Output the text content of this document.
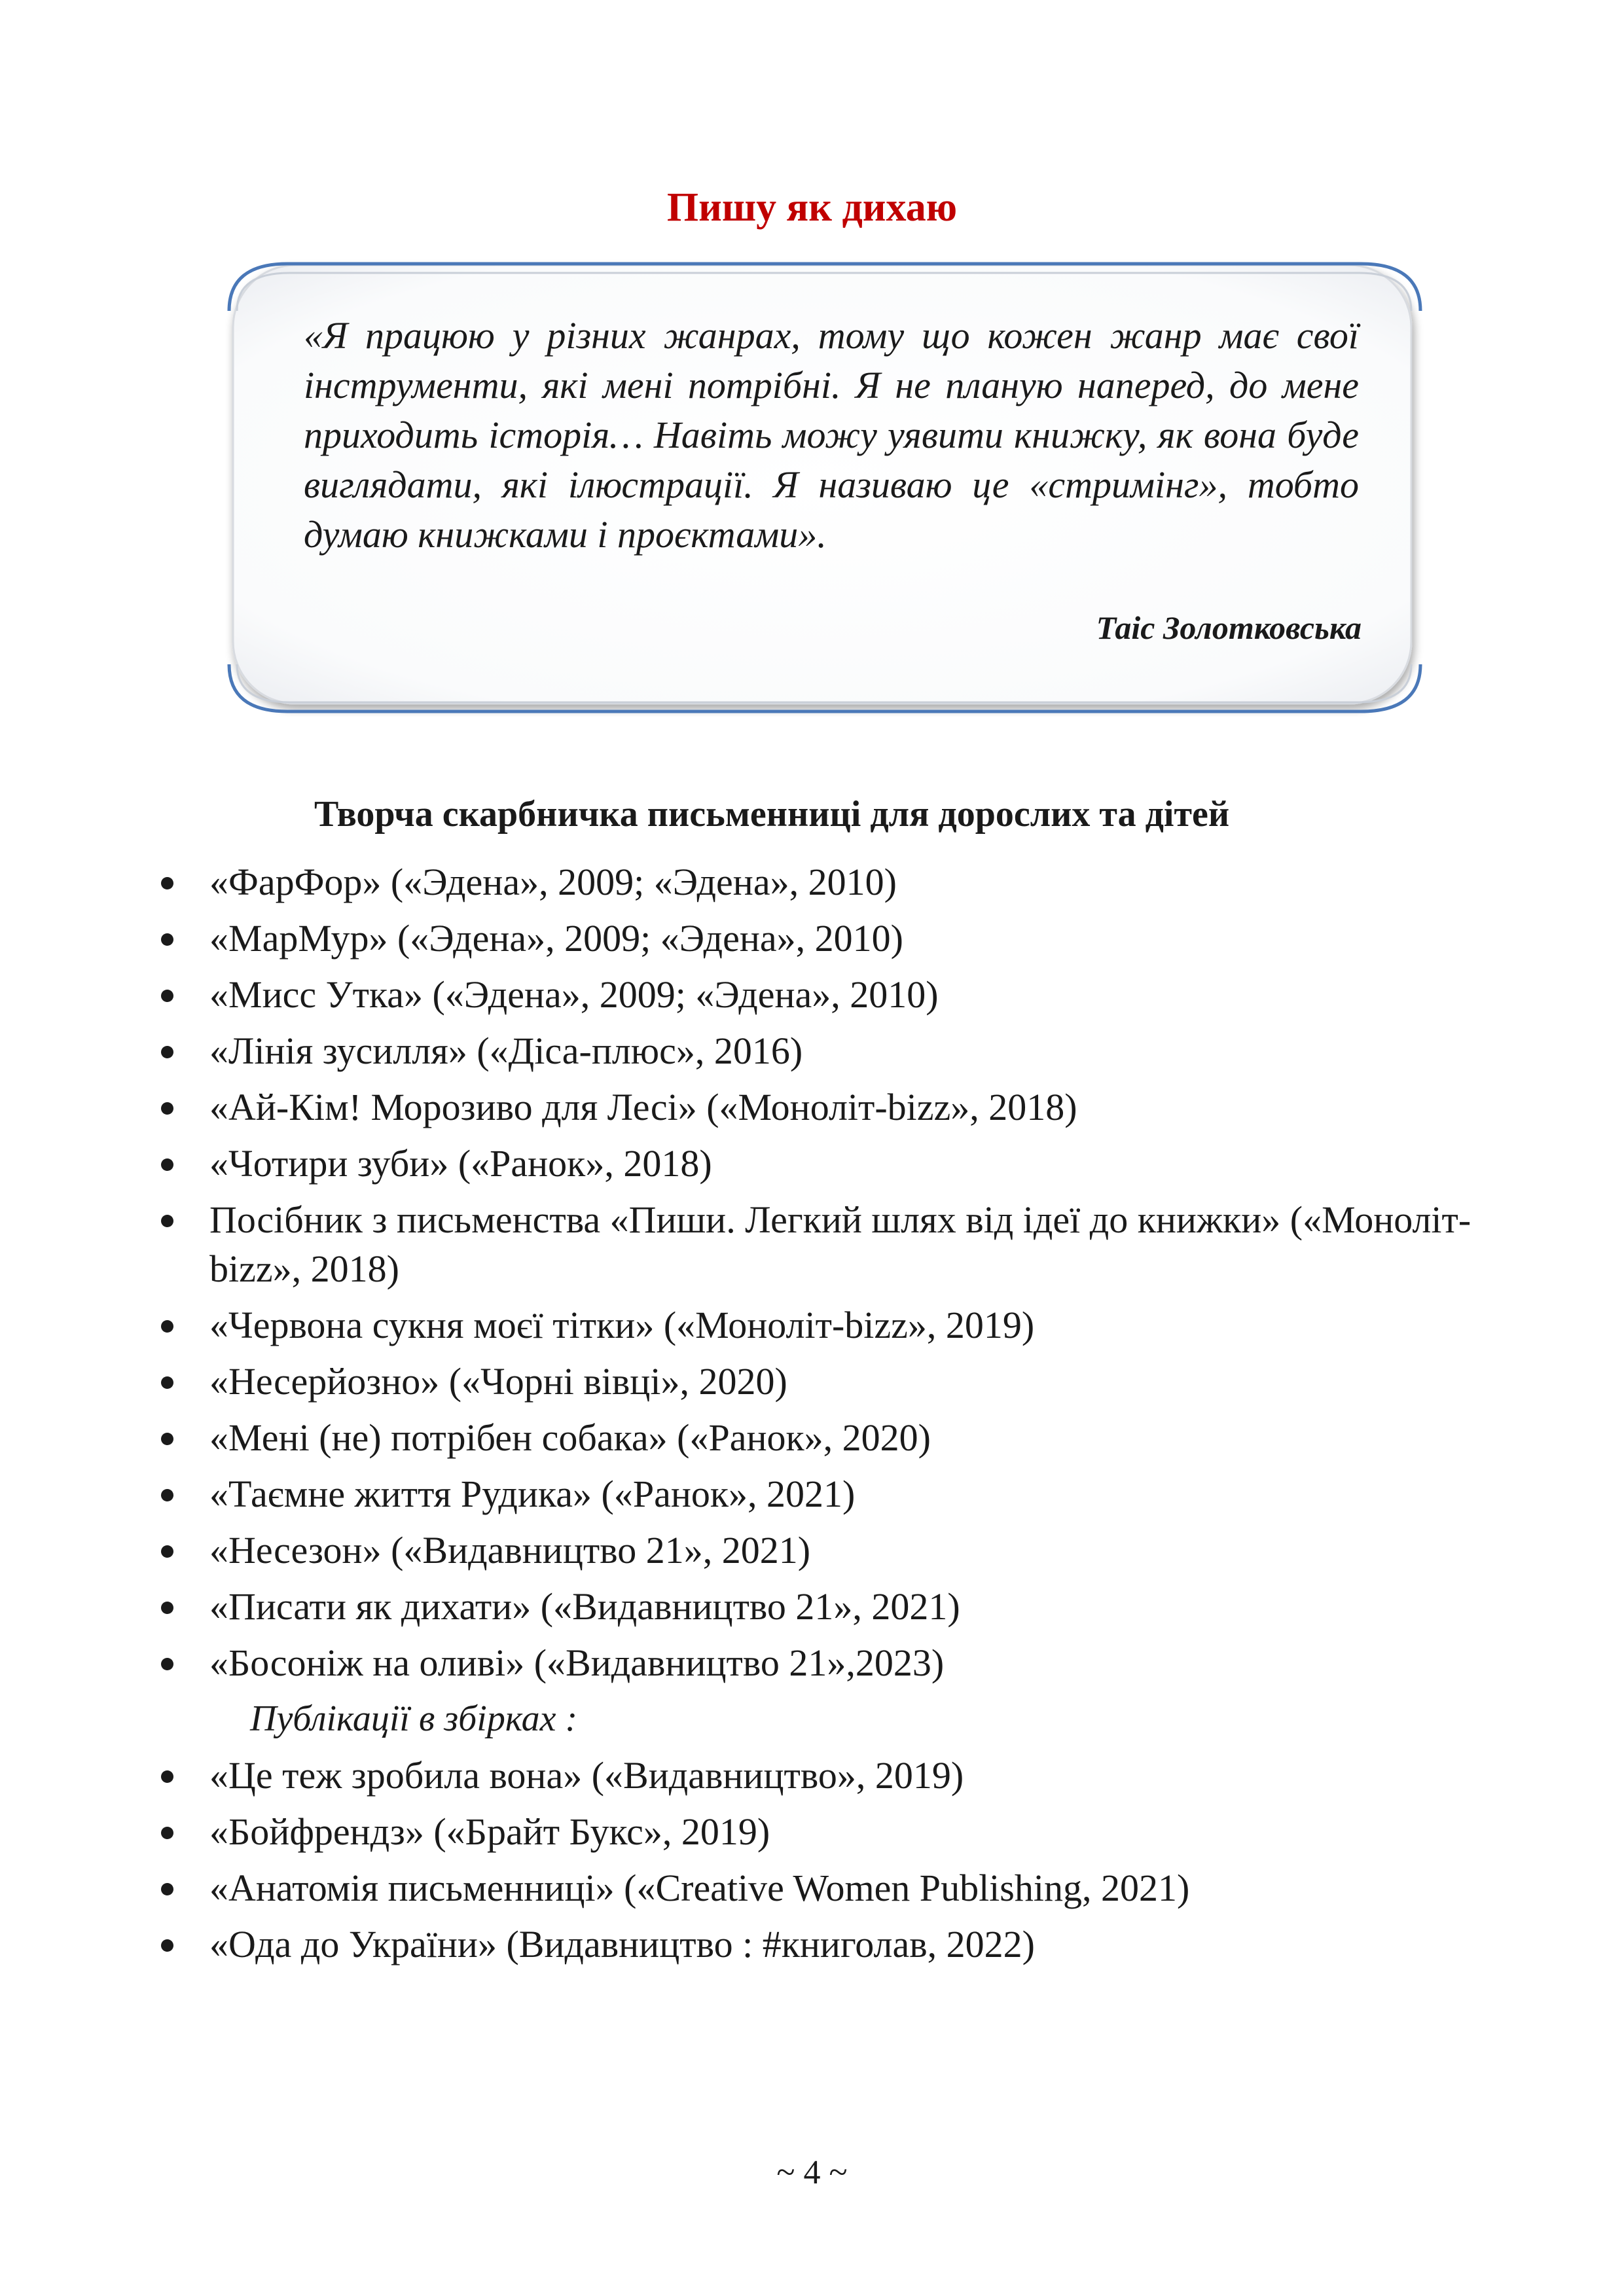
Пишу як дихаю

«Я працюю у різних жанрах, тому що кожен жанр має свої інструменти, які мені потрібні. Я не планую наперед, до мене приходить історія… Навіть можу уявити книжку, як вона буде виглядати, які ілюстрації. Я називаю це «стримінг», тобто думаю книжками і проєктами».

Таіс Золотковська

Творча скарбничка письменниці для дорослих та дітей
«ФарФор» («Эдена», 2009; «Эдена», 2010)
«МарМур» («Эдена», 2009; «Эдена», 2010)
«Мисс Утка» («Эдена», 2009; «Эдена», 2010)
«Лінія зусилля» («Діса-плюс», 2016)
«Ай-Кім! Морозиво для Лесі» («Моноліт-bizz», 2018)
«Чотири зуби» («Ранок», 2018)
Посібник з письменства «Пиши. Легкий шлях від ідеї до книжки» («Моноліт-bizz», 2018)
«Червона сукня моєї тітки» («Моноліт-bizz», 2019)
«Несерйозно» («Чорні вівці», 2020)
«Мені (не) потрібен собака» («Ранок», 2020)
«Таємне життя Рудика» («Ранок», 2021)
«Несезон» («Видавництво 21», 2021)
«Писати як дихати» («Видавництво 21», 2021)
«Босоніж на оливі» («Видавництво 21»,2023)
Публікації в збірках :
«Це теж зробила вона» («Видавництво», 2019)
«Бойфрендз» («Брайт Букс», 2019)
«Анатомія письменниці» («Creative Women Publishing, 2021)
«Ода до України» (Видавництво : #книголав, 2022)

~ 4 ~
